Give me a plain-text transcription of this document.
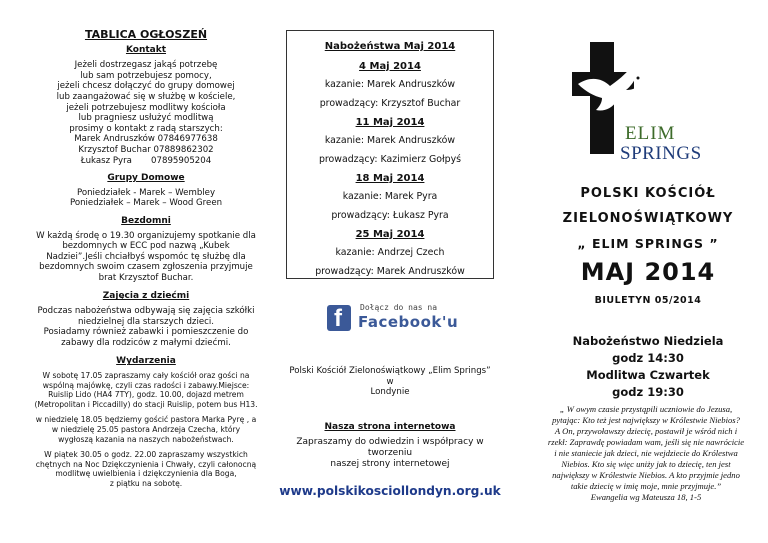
TABLICA OGŁOSZEŃ
Kontakt

Jeżeli dostrzegasz jakąś potrzebę

lub sam potrzebujesz pomocy,

jeżeli chcesz dołączyć do grupy domowej

lub zaangażować się w służbę w kościele,

jeżeli potrzebujesz modlitwy kościoła

lub pragniesz usłużyć modlitwą

prosimy o kontakt z radą starszych:

Marek Andruszków 07846977638

Krzysztof Buchar 07889862302

Łukasz Pyra       07895905204

Grupy Domowe

Poniedziałek - Marek – Wembley

Poniedziałek – Marek – Wood Green

Bezdomni

W każdą środę o 19.30 organizujemy spotkanie dla

bezdomnych w ECC pod nazwą „Kubek

Nadziei”.Jeśli chciałbyś wspomóc tę służbę dla

bezdomnych swoim czasem zgłoszenia przyjmuje

brat Krzysztof Buchar.

Zajęcia z dziećmi

Podczas nabożeństwa odbywają się zajęcia szkółki

niedzielnej dla starszych dzieci.

Posiadamy również zabawki i pomieszczenie do

zabawy dla rodziców z małymi dziećmi.

Wydarzenia

W sobotę 17.05 zapraszamy cały kościół oraz gości na

wspólną majówkę, czyli czas radości i zabawy.Miejsce:

Ruislip Lido (HA4 7TY), godz. 10.00, dojazd metrem

(Metropolitan i Piccadilly) do stacji Ruislip, potem bus H13.

w niedzielę 18.05 będziemy gościć pastora Marka Pyrę , a

w niedzielę 25.05 pastora Andrzeja Czecha, który

wygłoszą kazania na naszych nabożeństwach.

W piątek 30.05 o godz. 22.00 zapraszamy wszystkich

chętnych na Noc Dziękczynienia i Chwały, czyli całonocną

modlitwę uwielbienia i dziękczynienia dla Boga,

z piątku na sobotę.

Nabożeństwa Maj 2014
4 Maj 2014
kazanie: Marek Andruszków
prowadzący: Krzysztof Buchar
11 Maj 2014
kazanie: Marek Andruszków
prowadzący: Kazimierz Gołpyś
18 Maj 2014
kazanie: Marek Pyra
prowadzący: Łukasz Pyra
25 Maj 2014
kazanie: Andrzej Czech
prowadzący: Marek Andruszków
f Dołącz do nas na
Facebook'u

Polski Kościół Zielonoświątkowy „Elim Springs” w

Londynie

Nasza strona internetowa

Zapraszamy do odwiedzin i współpracy w tworzeniu

naszej strony internetowej

www.polskikosciollondyn.org.uk
ELIM
SPRINGS
POLSKI KOŚCIÓŁ
ZIELONOŚWIĄTKOWY
„ ELIM SPRINGS ”
MAJ 2014
BIULETYN 05/2014

Nabożeństwo Niedziela

godz 14:30

Modlitwa Czwartek

godz 19:30

„ W owym czasie przystąpili uczniowie do Jezusa,

pytając: Kto też jest największy w Królestwie Niebios?

A On, przywoławszy dziecię, postawił je wśród nich i

rzekł: Zaprawdę powiadam wam, jeśli się nie nawrócicie

i nie staniecie jak dzieci, nie wejdziecie do Królestwa

Niebios. Kto się więc uniży jak to dziecię, ten jest

największy w Królestwie Niebios. A kto przyjmie jedno

takie dziecię w imię moje, mnie przyjmuje.”

Ewangelia wg Mateusza 18, 1-5
